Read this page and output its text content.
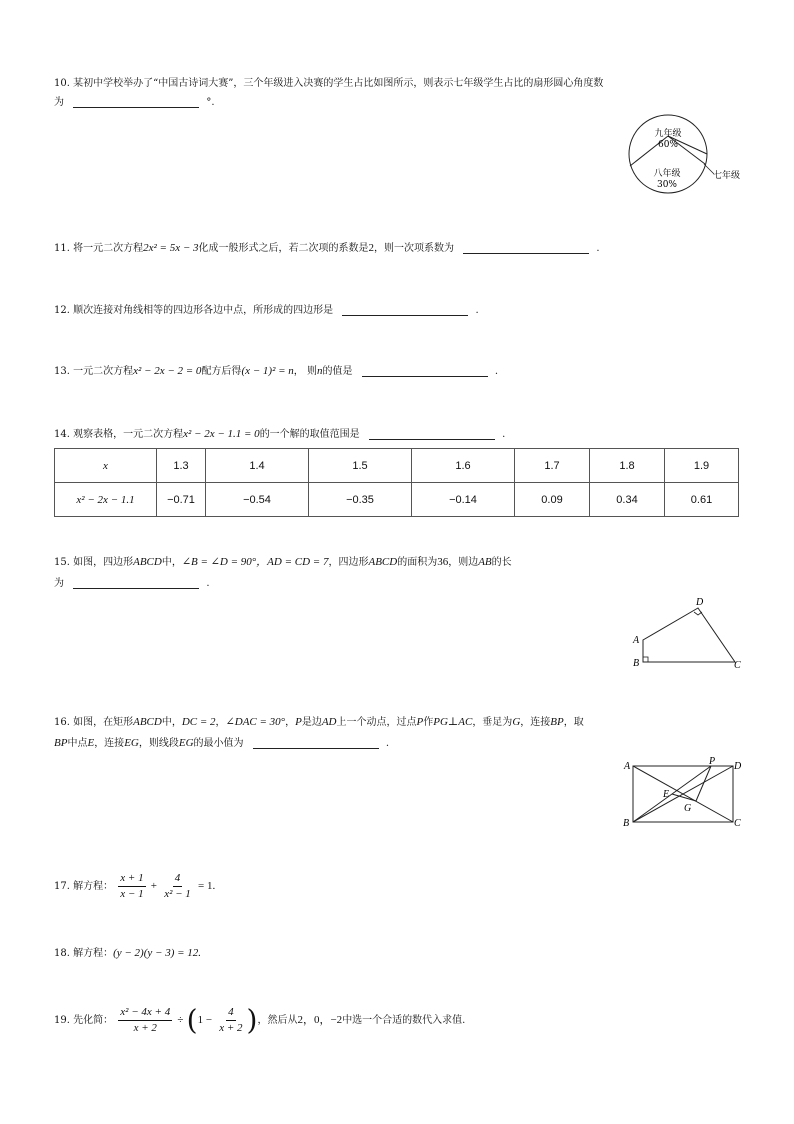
10. 某初中学校举办了“中国古诗词大赛”，三个年级进入决赛的学生占比如图所示，则表示七年级学生占比的扇形圆心角度数
为	°.
九年级
60%
八年级
30%
七年级
11. 将一元二次方程2x² = 5x − 3化成一般形式之后，若二次项的系数是2，则一次项系数为	.
12. 顺次连接对角线相等的四边形各边中点，所形成的四边形是	.
13. 一元二次方程x² − 2x − 2 = 0配方后得(x − 1)² = n， 则n的值是	.
14. 观察表格，一元二次方程x² − 2x − 1.1 = 0的一个解的取值范围是	.
x	1.3	1.4	1.5	1.6	1.7	1.8	1.9
x² − 2x − 1.1	−0.71	−0.54	−0.35	−0.14	0.09	0.34	0.61
15. 如图，四边形ABCD中，∠B = ∠D = 90°，AD = CD = 7，四边形ABCD的面积为36，则边AB的长
为	.
A
B	C
D
16. 如图，在矩形ABCD中，DC = 2，∠DAC = 30°，P是边AD上一个动点，过点P作PG⊥AC，垂足为G，连接BP，取
BP中点E，连接EG，则线段EG的最小值为	.
A
B	C
D
P
E
G
17. 解方程： $\frac{x + 1}{x - 1} + \frac{4}{\text{x² − 1}} = 1$.
18. 解方程：(y − 2)(y − 3) = 12.
19. 先化简： $\frac{\text{x² − 4x + 4}}{x + 2} \div (1 - \frac{4}{x + 2}$ )，然后从2，0，−2中选一个合适的数代入求值.
